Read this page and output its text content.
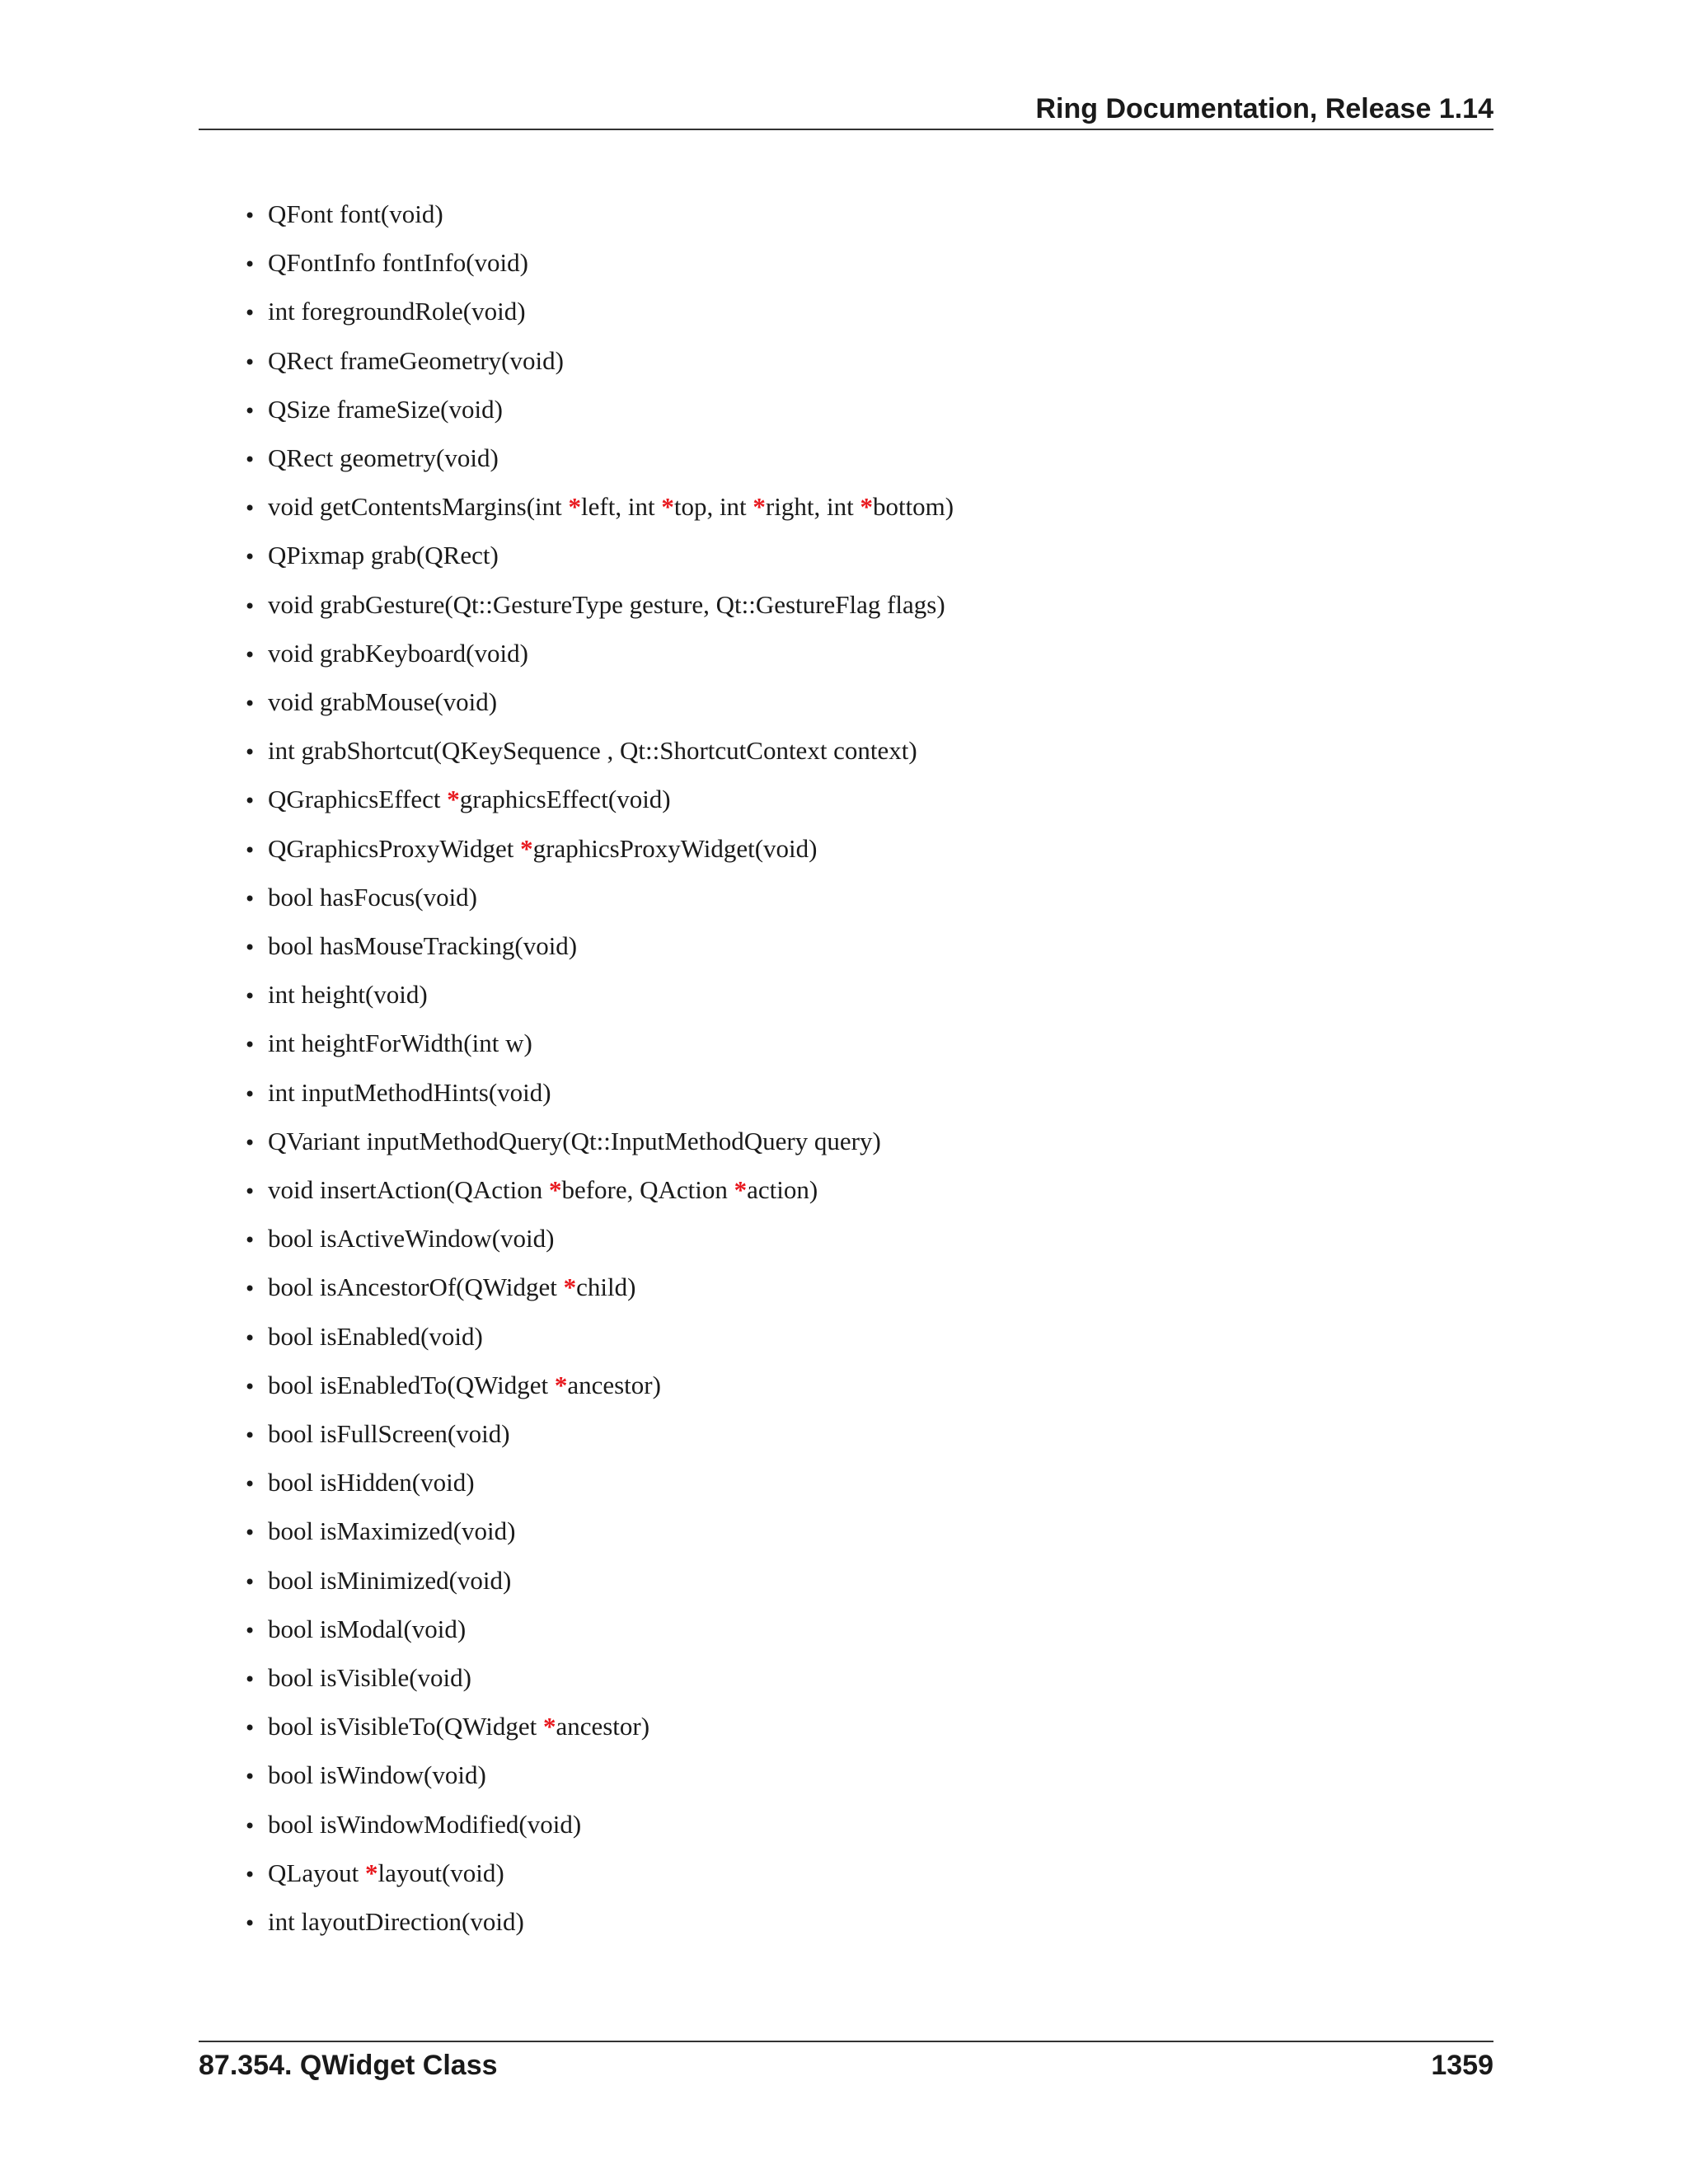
Ring Documentation, Release 1.14
• QFont font(void)
• QFontInfo fontInfo(void)
• int foregroundRole(void)
• QRect frameGeometry(void)
• QSize frameSize(void)
• QRect geometry(void)
• void getContentsMargins(int *left, int *top, int *right, int *bottom)
• QPixmap grab(QRect)
• void grabGesture(Qt::GestureType gesture, Qt::GestureFlag flags)
• void grabKeyboard(void)
• void grabMouse(void)
• int grabShortcut(QKeySequence , Qt::ShortcutContext context)
• QGraphicsEffect *graphicsEffect(void)
• QGraphicsProxyWidget *graphicsProxyWidget(void)
• bool hasFocus(void)
• bool hasMouseTracking(void)
• int height(void)
• int heightForWidth(int w)
• int inputMethodHints(void)
• QVariant inputMethodQuery(Qt::InputMethodQuery query)
• void insertAction(QAction *before, QAction *action)
• bool isActiveWindow(void)
• bool isAncestorOf(QWidget *child)
• bool isEnabled(void)
• bool isEnabledTo(QWidget *ancestor)
• bool isFullScreen(void)
• bool isHidden(void)
• bool isMaximized(void)
• bool isMinimized(void)
• bool isModal(void)
• bool isVisible(void)
• bool isVisibleTo(QWidget *ancestor)
• bool isWindow(void)
• bool isWindowModified(void)
• QLayout *layout(void)
• int layoutDirection(void)
87.354. QWidget Class	1359
